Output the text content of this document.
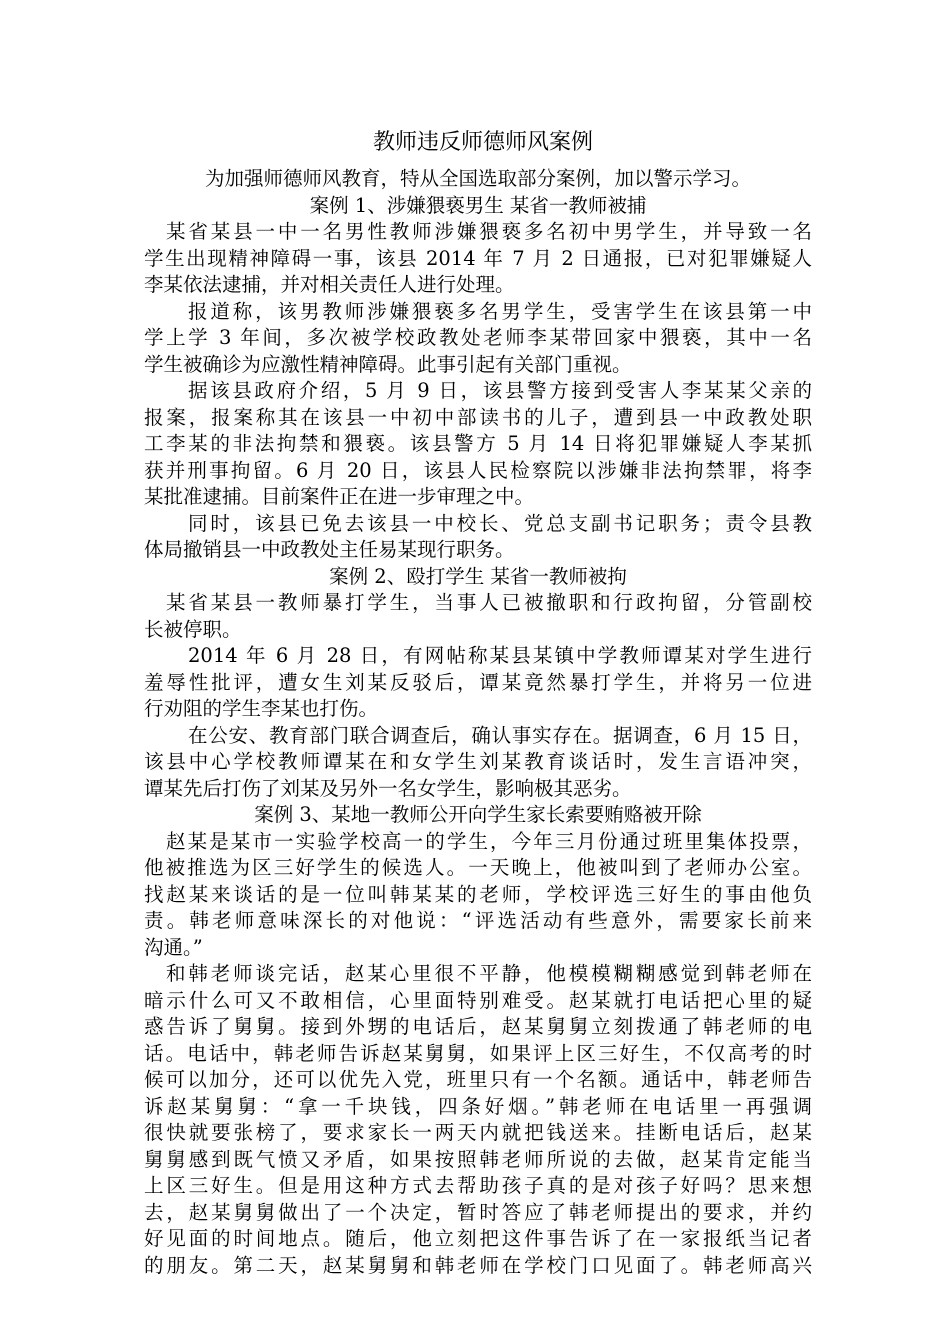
教师违反师德师风案例
为加强师德师风教育，特从全国选取部分案例，加以警示学习。
案例 1、涉嫌猥亵男生 某省一教师被捕
某省某县一中一名男性教师涉嫌猥亵多名初中男学生，并导致一名
学生出现精神障碍一事，该县 2014 年 7 月 2 日通报，已对犯罪嫌疑人
李某依法逮捕，并对相关责任人进行处理。
报道称，该男教师涉嫌猥亵多名男学生，受害学生在该县第一中
学上学 3 年间，多次被学校政教处老师李某带回家中猥亵，其中一名
学生被确诊为应激性精神障碍。此事引起有关部门重视。
据该县政府介绍，5 月 9 日，该县警方接到受害人李某某父亲的
报案，报案称其在该县一中初中部读书的儿子，遭到县一中政教处职
工李某的非法拘禁和猥亵。该县警方 5 月 14 日将犯罪嫌疑人李某抓
获并刑事拘留。6 月 20 日，该县人民检察院以涉嫌非法拘禁罪，将李
某批准逮捕。目前案件正在进一步审理之中。
同时，该县已免去该县一中校长、党总支副书记职务；责令县教
体局撤销县一中政教处主任易某现行职务。
案例 2、殴打学生 某省一教师被拘
某省某县一教师暴打学生，当事人已被撤职和行政拘留，分管副校
长被停职。
2014 年 6 月 28 日，有网帖称某县某镇中学教师谭某对学生进行
羞辱性批评，遭女生刘某反驳后，谭某竟然暴打学生，并将另一位进
行劝阻的学生李某也打伤。
在公安、教育部门联合调查后，确认事实存在。据调查，6 月 15 日，
该县中心学校教师谭某在和女学生刘某教育谈话时，发生言语冲突，
谭某先后打伤了刘某及另外一名女学生，影响极其恶劣。
案例 3、某地一教师公开向学生家长索要贿赂被开除
赵某是某市一实验学校高一的学生，今年三月份通过班里集体投票，
他被推选为区三好学生的候选人。一天晚上，他被叫到了老师办公室。
找赵某来谈话的是一位叫韩某某的老师，学校评选三好生的事由他负
责。韩老师意味深长的对他说：“评选活动有些意外，需要家长前来
沟通。”
和韩老师谈完话，赵某心里很不平静，他模模糊糊感觉到韩老师在
暗示什么可又不敢相信，心里面特别难受。赵某就打电话把心里的疑
惑告诉了舅舅。接到外甥的电话后，赵某舅舅立刻拨通了韩老师的电
话。电话中，韩老师告诉赵某舅舅，如果评上区三好生，不仅高考的时
候可以加分，还可以优先入党，班里只有一个名额。通话中，韩老师告
诉赵某舅舅：“拿一千块钱，四条好烟。”韩老师在电话里一再强调
很快就要张榜了，要求家长一两天内就把钱送来。挂断电话后，赵某
舅舅感到既气愤又矛盾，如果按照韩老师所说的去做，赵某肯定能当
上区三好生。但是用这种方式去帮助孩子真的是对孩子好吗？思来想
去，赵某舅舅做出了一个决定，暂时答应了韩老师提出的要求，并约
好见面的时间地点。随后，他立刻把这件事告诉了在一家报纸当记者
的朋友。第二天，赵某舅舅和韩老师在学校门口见面了。韩老师高兴
